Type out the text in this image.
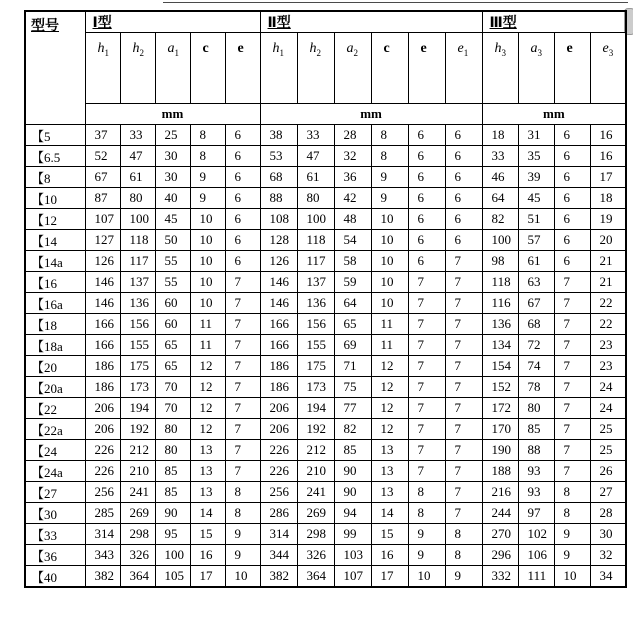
型号	Ⅰ型					Ⅱ型						Ⅲ型			
	$h_1$	$h_2$	$a_1$	c	e	$h_1$	$h_2$	$a_2$	c	e	$e_1$	$h_3$	$a_3$	e	$e_3$
	mm					mm						mm			
【5	37	33	25	8	6	38	33	28	8	6	6	18	31	6	16
【6.5	52	47	30	8	6	53	47	32	8	6	6	33	35	6	16
【8	67	61	30	9	6	68	61	36	9	6	6	46	39	6	17
【10	87	80	40	9	6	88	80	42	9	6	6	64	45	6	18
【12	107	100	45	10	6	108	100	48	10	6	6	82	51	6	19
【14	127	118	50	10	6	128	118	54	10	6	6	100	57	6	20
【14a	126	117	55	10	6	126	117	58	10	6	7	98	61	6	21
【16	146	137	55	10	7	146	137	59	10	7	7	118	63	7	21
【16a	146	136	60	10	7	146	136	64	10	7	7	116	67	7	22
【18	166	156	60	11	7	166	156	65	11	7	7	136	68	7	22
【18a	166	155	65	11	7	166	155	69	11	7	7	134	72	7	23
【20	186	175	65	12	7	186	175	71	12	7	7	154	74	7	23
【20a	186	173	70	12	7	186	173	75	12	7	7	152	78	7	24
【22	206	194	70	12	7	206	194	77	12	7	7	172	80	7	24
【22a	206	192	80	12	7	206	192	82	12	7	7	170	85	7	25
【24	226	212	80	13	7	226	212	85	13	7	7	190	88	7	25
【24a	226	210	85	13	7	226	210	90	13	7	7	188	93	7	26
【27	256	241	85	13	8	256	241	90	13	8	7	216	93	8	27
【30	285	269	90	14	8	286	269	94	14	8	7	244	97	8	28
【33	314	298	95	15	9	314	298	99	15	9	8	270	102	9	30
【36	343	326	100	16	9	344	326	103	16	9	8	296	106	9	32
【40	382	364	105	17	10	382	364	107	17	10	9	332	111	10	34
